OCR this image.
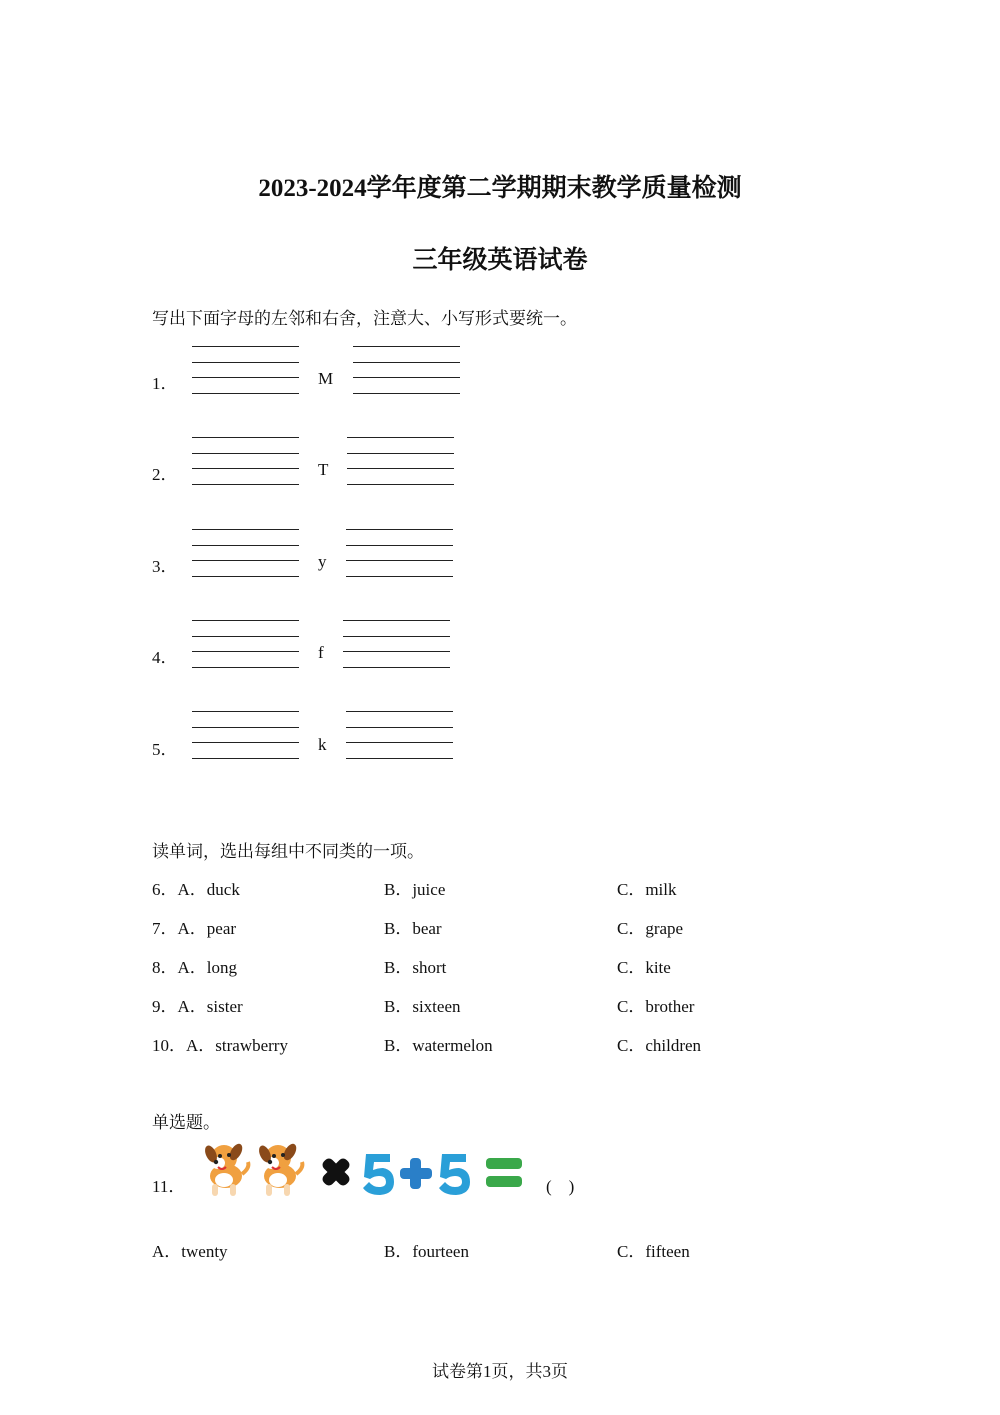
2023-2024学年度第二学期期末教学质量检测
三年级英语试卷
写出下面字母的左邻和右舍，注意大、小写形式要统一。
1．	M
2．	T
3．	y
4．	f
5．	k
读单词，选出每组中不同类的一项。
6．A．duck	B．juice	C．milk
7．A．pear	B．bear	C．grape
8．A．long	B．short	C．kite
9．A．sister	B．sixteen	C．brother
10．A．strawberry	B．watermelon	C．children
单选题。
11．	(　)
A．twenty	B．fourteen	C．fifteen
试卷第1页，共3页
